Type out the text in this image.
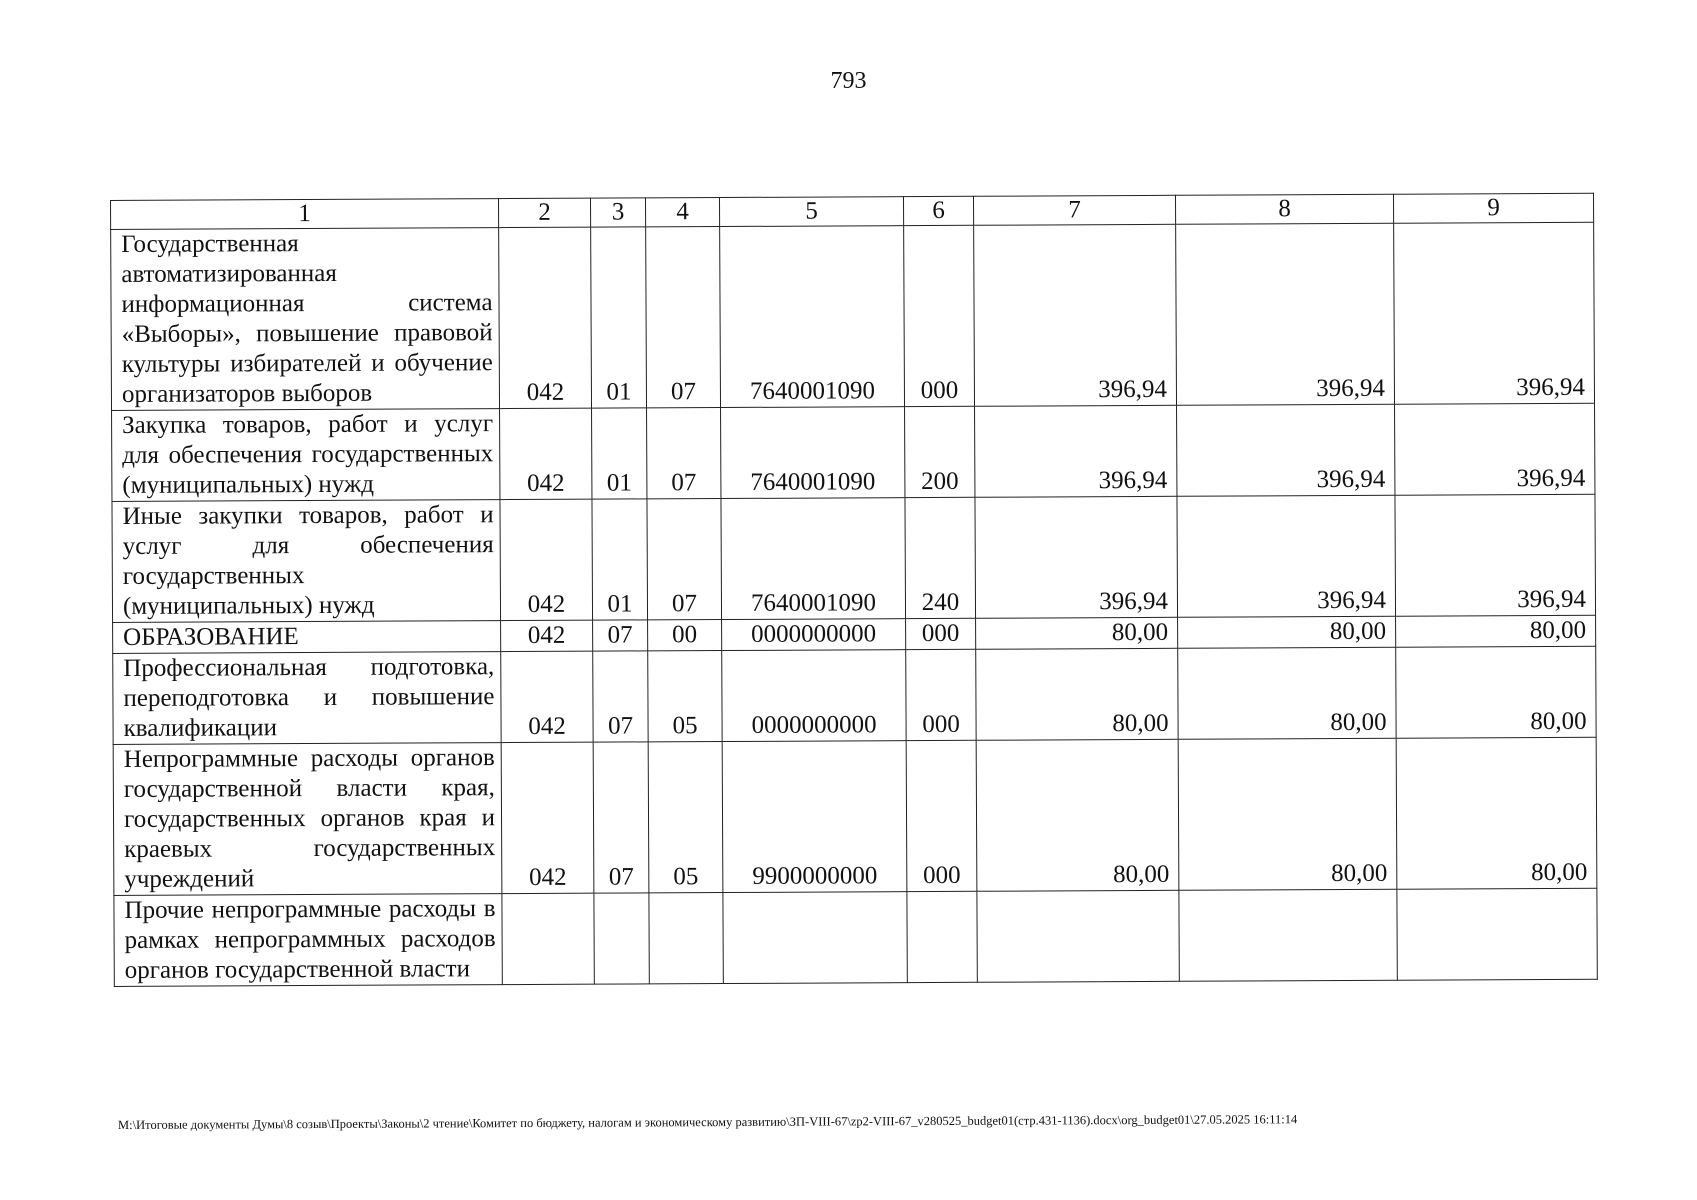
793
1	2	3	4	5	6	7	8	9
Государственная автоматизированная информационная система «Выборы», повышение правовой культуры избирателей и обучение организаторов выборов	042	01	07	7640001090	000	396,94	396,94	396,94
Закупка товаров, работ и услуг для обеспечения государственных (муниципальных) нужд	042	01	07	7640001090	200	396,94	396,94	396,94
Иные закупки товаров, работ и услуг для обеспечения государственных (муниципальных) нужд	042	01	07	7640001090	240	396,94	396,94	396,94
ОБРАЗОВАНИЕ	042	07	00	0000000000	000	80,00	80,00	80,00
Профессиональная подготовка, переподготовка и повышение квалификации	042	07	05	0000000000	000	80,00	80,00	80,00
Непрограммные расходы органов государственной власти края, государственных органов края и краевых государственных учреждений	042	07	05	9900000000	000	80,00	80,00	80,00
Прочие непрограммные расходы в рамках непрограммных расходов органов государственной власти								
M:\Итоговые документы Думы\8 созыв\Проекты\Законы\2 чтение\Комитет по бюджету, налогам и экономическому развитию\ЗП-VIII-67\zp2-VIII-67_v280525_budget01(стр.431-1136).docx\org_budget01\27.05.2025 16:11:14
